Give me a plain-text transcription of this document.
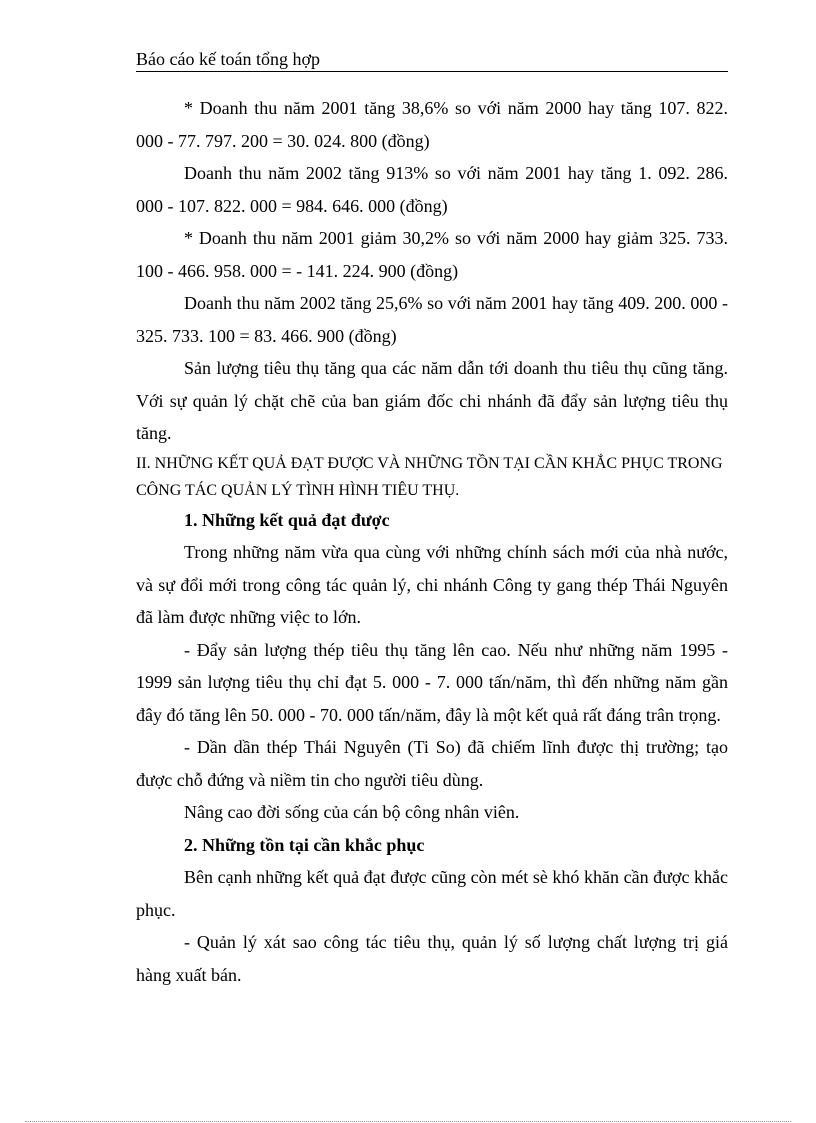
Báo cáo kế toán tổng hợp

* Doanh thu năm 2001 tăng 38,6% so với năm 2000 hay tăng 107. 822. 000 - 77. 797. 200 = 30. 024. 800 (đồng)

Doanh thu năm 2002 tăng 913% so với năm 2001 hay tăng 1. 092. 286. 000 - 107. 822. 000 = 984. 646. 000 (đồng)

* Doanh thu năm 2001 giảm 30,2% so với năm 2000 hay giảm 325. 733. 100 - 466. 958. 000 = - 141. 224. 900 (đồng)

Doanh thu năm 2002 tăng 25,6% so với năm 2001 hay tăng 409. 200. 000 - 325. 733. 100 = 83. 466. 900 (đồng)

Sản lượng tiêu thụ tăng qua các năm dẫn tới doanh thu tiêu thụ cũng tăng. Với sự quản lý chặt chẽ của ban giám đốc chi nhánh đã đẩy sản lượng tiêu thụ tăng.

II. NHỮNG KẾT QUẢ ĐẠT ĐƯỢC VÀ NHỮNG TỒN TẠI CẦN KHẮC PHỤC TRONG CÔNG TÁC QUẢN LÝ TÌNH HÌNH TIÊU THỤ.

1. Những kết quả đạt được

Trong những năm vừa qua cùng với những chính sách mới của nhà nước, và sự đổi mới trong công tác quản lý, chi nhánh Công ty gang thép Thái Nguyên đã làm được những việc to lớn.

- Đẩy sản lượng thép tiêu thụ tăng lên cao. Nếu như những năm 1995 - 1999 sản lượng tiêu thụ chỉ đạt 5. 000 - 7. 000 tấn/năm, thì đến những năm gần đây đó tăng lên 50. 000 - 70. 000 tấn/năm, đây là một kết quả rất đáng trân trọng.

- Dần dần thép Thái Nguyên (Ti So) đã chiếm lĩnh được thị trường; tạo được chỗ đứng và niềm tin cho người tiêu dùng.

Nâng cao đời sống của cán bộ công nhân viên.

2. Những tồn tại cần khắc phục

Bên cạnh những kết quả đạt được cũng còn mét sè khó khăn cần được khắc phục.

- Quản lý xát sao công tác tiêu thụ, quản lý số lượng chất lượng trị giá hàng xuất bán.
